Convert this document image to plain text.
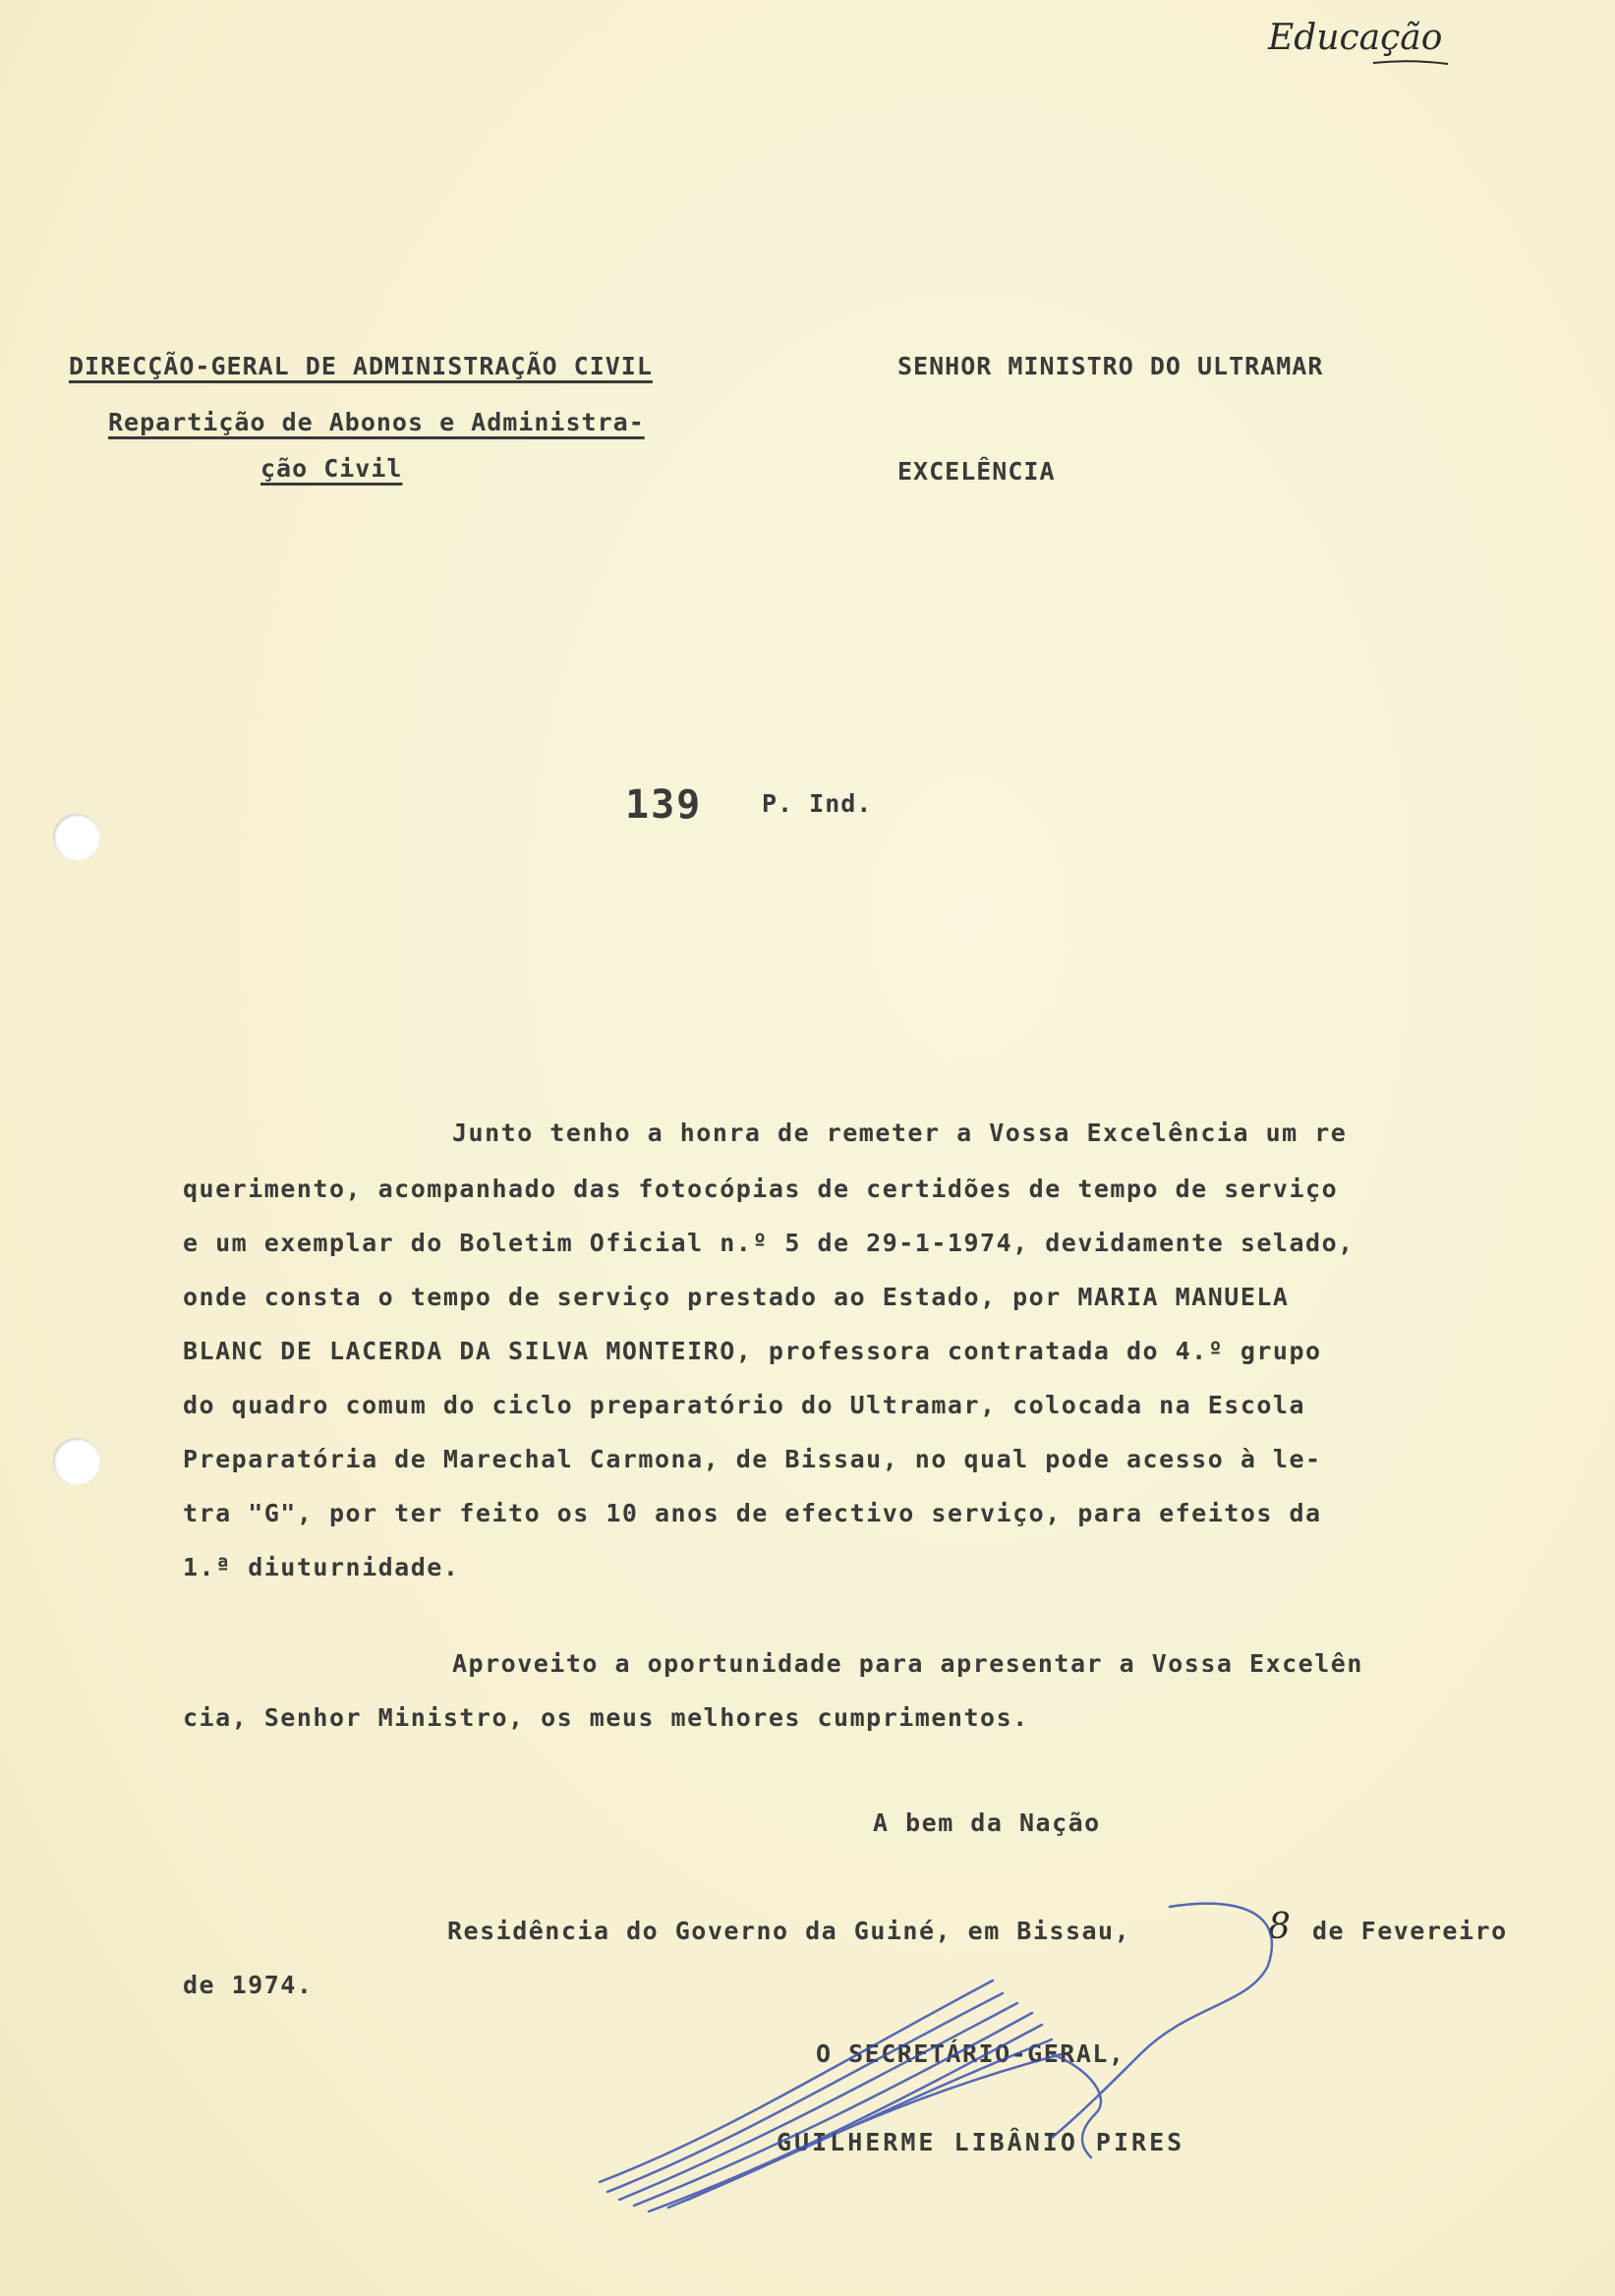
Educação
DIRECÇÃO-GERAL DE ADMINISTRAÇÃO CIVIL
Repartição de Abonos e Administra-
ção Civil
SENHOR MINISTRO DO ULTRAMAR
EXCELÊNCIA
139 P. Ind.
Junto tenho a honra de remeter a Vossa Excelência um re
querimento, acompanhado das fotocópias de certidões de tempo de serviço
e um exemplar do Boletim Oficial n.º 5 de 29-1-1974, devidamente selado,
onde consta o tempo de serviço prestado ao Estado, por MARIA MANUELA
BLANC DE LACERDA DA SILVA MONTEIRO, professora contratada do 4.º grupo
do quadro comum do ciclo preparatório do Ultramar, colocada na Escola
Preparatória de Marechal Carmona, de Bissau, no qual pode acesso à le-
tra "G", por ter feito os 10 anos de efectivo serviço, para efeitos da
1.ª diuturnidade.
Aproveito a oportunidade para apresentar a Vossa Excelên
cia, Senhor Ministro, os meus melhores cumprimentos.
A bem da Nação
Residência do Governo da Guiné, em Bissau,	8 de Fevereiro
de 1974.
O SECRETÁRIO-GERAL,
GUILHERME LIBÂNIO PIRES
